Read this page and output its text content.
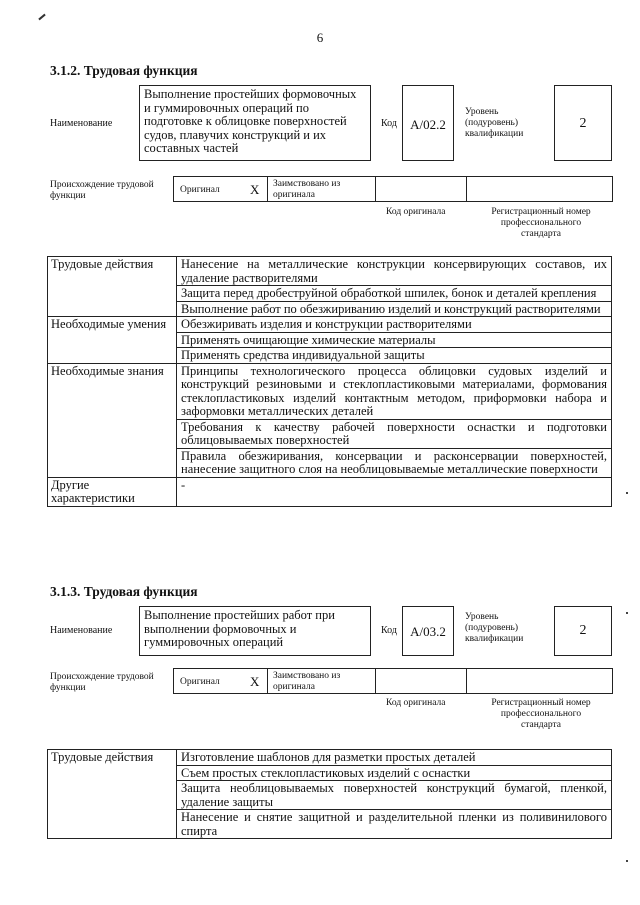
6
3.1.2. Трудовая функция
Наименование
Выполнение простейших формовочных и гуммировочных операций по подготовке к облицовке поверхностей судов, плавучих конструкций и их составных частей
Код	А/02.2
Уровень (подуровень) квалификации
2
Происхождение трудовой функции
Оригинал X Заимствовано из оригинала
Код оригинала	Регистрационный номер профессионального стандарта
Трудовые действия	Нанесение на металлические конструкции консервирующих составов, их удаление растворителями
	Защита перед дробеструйной обработкой шпилек, бонок и деталей крепления
	Выполнение работ по обезжириванию изделий и конструкций растворителями
Необходимые умения	Обезжиривать изделия и конструкции растворителями
	Применять очищающие химические материалы
	Применять средства индивидуальной защиты
Необходимые знания	Принципы технологического процесса облицовки судовых изделий и конструкций резиновыми и стеклопластиковыми материалами, формования стеклопластиковых изделий контактным методом, приформовки набора и заформовки металлических деталей
	Требования к качеству рабочей поверхности оснастки и подготовки облицовываемых поверхностей
	Правила обезжиривания, консервации и расконсервации поверхностей, нанесение защитного слоя на необлицовываемые металлические поверхности
Другие характеристики	-
3.1.3. Трудовая функция
Наименование
Выполнение простейших работ при выполнении формовочных и гуммировочных операций
Код	А/03.2
Уровень (подуровень) квалификации
2
Происхождение трудовой функции
Оригинал X Заимствовано из оригинала
Код оригинала	Регистрационный номер профессионального стандарта
Трудовые действия	Изготовление шаблонов для разметки простых деталей
Съем простых стеклопластиковых изделий с оснастки
Защита необлицовываемых поверхностей конструкций бумагой, пленкой, удаление защиты
Нанесение и снятие защитной и разделительной пленки из поливинилового спирта
